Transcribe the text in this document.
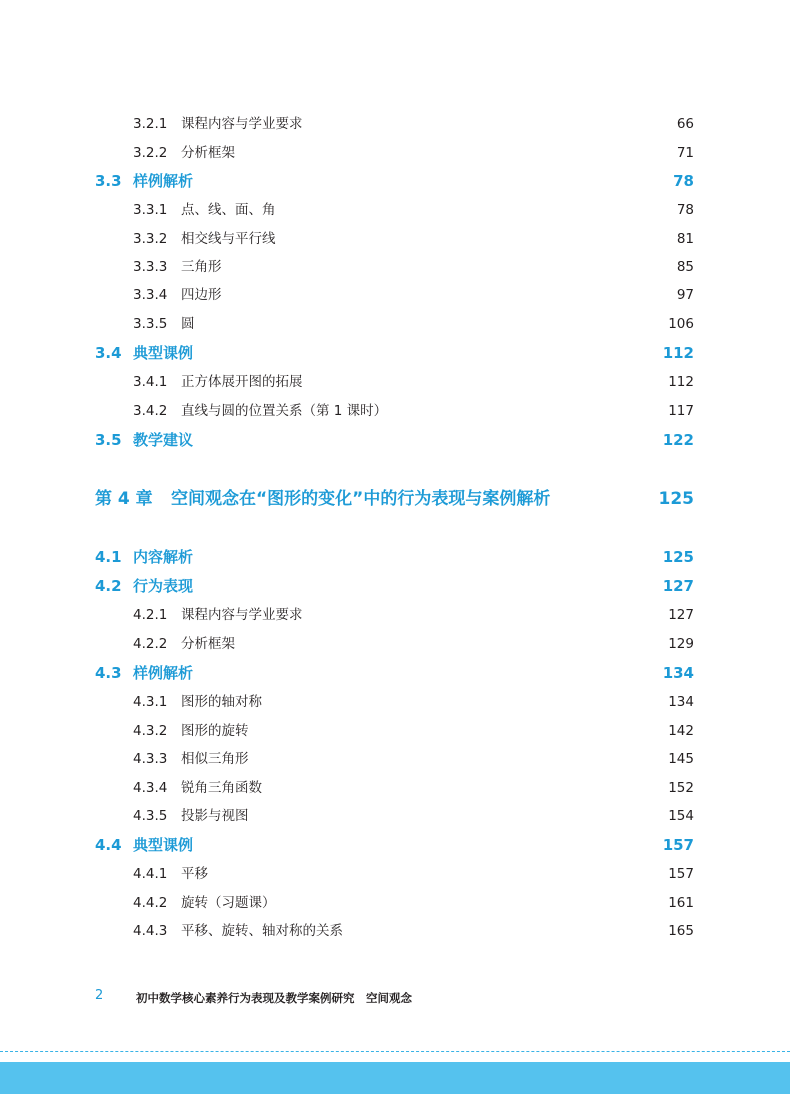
3.2.1 课程内容与学业要求	66
3.2.2 分析框架	71
3.3 样例解析	78
3.3.1 点、线、面、角	78
3.3.2 相交线与平行线	81
3.3.3 三角形	85
3.3.4 四边形	97
3.3.5 圆	106
3.4 典型课例	112
3.4.1 正方体展开图的拓展	112
3.4.2 直线与圆的位置关系（第 1 课时）	117
3.5 教学建议	122
第 4 章 空间观念在“图形的变化”中的行为表现与案例解析	125
4.1 内容解析	125
4.2 行为表现	127
4.2.1 课程内容与学业要求	127
4.2.2 分析框架	129
4.3 样例解析	134
4.3.1 图形的轴对称	134
4.3.2 图形的旋转	142
4.3.3 相似三角形	145
4.3.4 锐角三角函数	152
4.3.5 投影与视图	154
4.4 典型课例	157
4.4.1 平移	157
4.4.2 旋转（习题课）	161
4.4.3 平移、旋转、轴对称的关系	165
2	初中数学核心素养行为表现及教学案例研究　空间观念
